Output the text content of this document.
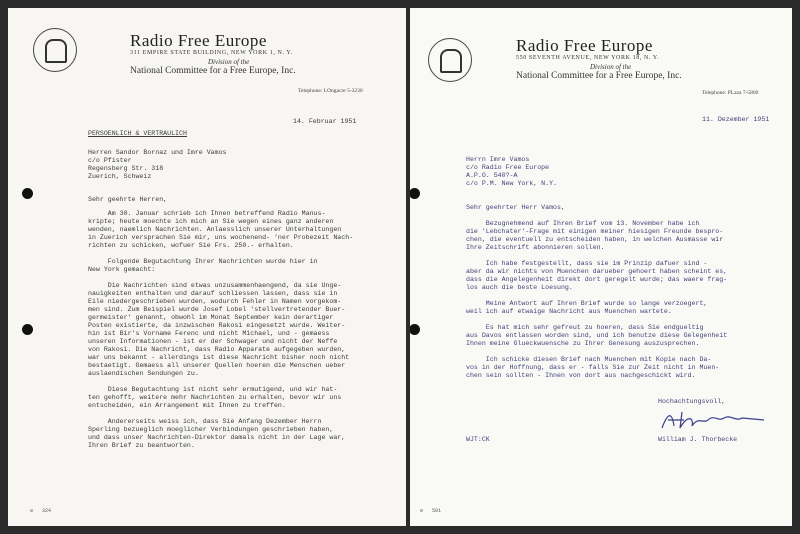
Radio Free Europe
311 EMPIRE STATE BUILDING, NEW YORK 1, N. Y.
Division of the
National Committee for a Free Europe, Inc.
Telephone: LOngacre 5-3230
14. Februar 1951
PERSOENLICH & VERTRAULICH
Herren Sandor Bornaz und Imre Vamos
c/o Pfister
Regensberg Str. 318
Zuerich, Schweiz
Sehr geehrte Herren,
Am 30. Januar schrieb ich Ihnen betreffend Radio Manus-
kripte; heute moechte ich mich an Sie wegen eines ganz anderen
wenden, naemlich Nachrichten. Anlaesslich unserer Unterhaltungen
in Zuerich versprachen Sie mir, uns wochenend- 'ner Probezeit Nach-
richten zu schicken, wofuer Sie Frs. 250.- erhalten.
Folgende Begutachtung Ihrer Nachrichten wurde hier in
New York gemacht:
Die Nachrichten sind etwas unzusammenhaengend, da sie Unge-
nauigkeiten enthalten und darauf schliessen lassen, dass sie in
Eile niedergeschrieben wurden, wodurch Fehler in Namen vorgekom-
men sind. Zum Beispiel wurde Josef Lobel 'stellvertretender Buer-
germeister' genannt, obwohl im Monat September kein derartiger
Posten existierte, da inzwischen Rakosi eingesetzt wurde. Weiter-
hin ist Bir's Vorname Ferenc und nicht Michael, und - gemaess
unseren Informationen - ist er der Schwager und nicht der Neffe
von Rakosi. Die Nachricht, dass Radio Apparate aufgegeben wurden,
war uns bekannt - allerdings ist diese Nachricht bisher noch nicht
bestaetigt. Gemaess all unserer Quellen hoeren die Menschen ueber
auslaendischen Sendungen zu.
Diese Begutachtung ist nicht sehr ermutigend, und wir hat-
ten gehofft, weitere mehr Nachrichten zu erhalten, bevor wir uns
entscheiden, ein Arrangement mit Ihnen zu treffen.
Andererseits weiss ich, dass Sie Anfang Dezember Herrn
Sperling bezueglich moeglicher Verbindungen geschrieben haben,
und dass unser Nachrichten-Direktor damals nicht in der Lage war,
Ihren Brief zu beantworten.
⊖ 324
Radio Free Europe
550 SEVENTH AVENUE, NEW YORK 18, N. Y.
Division of the
National Committee for a Free Europe, Inc.
Telephone: PLaza 7-5800
11. Dezember 1951
Herrn Imre Vamos
c/o Radio Free Europe
A.P.O. 540?-A
c/o P.M. New York, N.Y.
Sehr geehrter Herr Vamos,
Bezugnehmend auf Ihren Brief vom 13. November habe ich
die 'Lebchater'-Frage mit einigen meiner hiesigen Freunde bespro-
chen, die eventuell zu entscheiden haben, in welchen Ausmasse wir
Ihre Zeitschrift abonnieren sollen.
Ich habe festgestellt, dass sie im Prinzip dafuer sind -
aber da wir nichts von Muenchen darueber gehoert haben scheint es,
dass die Angelegenheit direkt dort geregelt wurde; das waere frag-
los auch die beste Loesung.
Meine Antwort auf Ihren Brief wurde so lange verzoegert,
weil ich auf etwaige Nachricht aus Muenchen wartete.
Es hat mich sehr gefreut zu hoeren, dass Sie endgueltig
aus Davos entlassen worden sind, und ich benutze diese Gelegenheit
Ihnen meine Glueckwuensche zu Ihrer Genesung auszusprechen.
Ich schicke diesen Brief nach Muenchen mit Kopie nach Da-
vos in der Hoffnung, dass er - falls Sie zur Zeit nicht in Muen-
chen sein sollten - Ihnen von dort aus nachgeschickt wird.
Hochachtungsvoll,
William J. Thorbecke
WJT:CK
⊖ 501
